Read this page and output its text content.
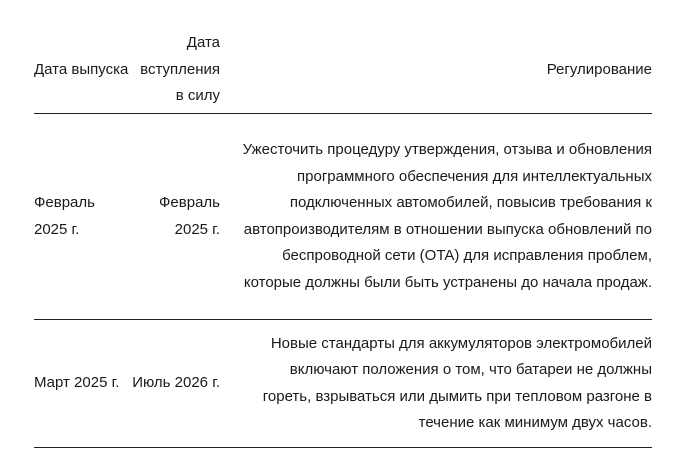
Дата выпуска
Дата вступления в силу
Регулирование
Февраль 2025 г.
Февраль 2025 г.
Ужесточить процедуру утверждения, отзыва и обновления программного обеспечения для интеллектуальных подключенных автомобилей, повысив требования к автопроизводителям в отношении выпуска обновлений по беспроводной сети (OTA) для исправления проблем, которые должны были быть устранены до начала продаж.
Март 2025 г. Июль 2026 г.
Новые стандарты для аккумуляторов электромобилей включают положения о том, что батареи не должны гореть, взрываться или дымить при тепловом разгоне в течение как минимум двух часов.
